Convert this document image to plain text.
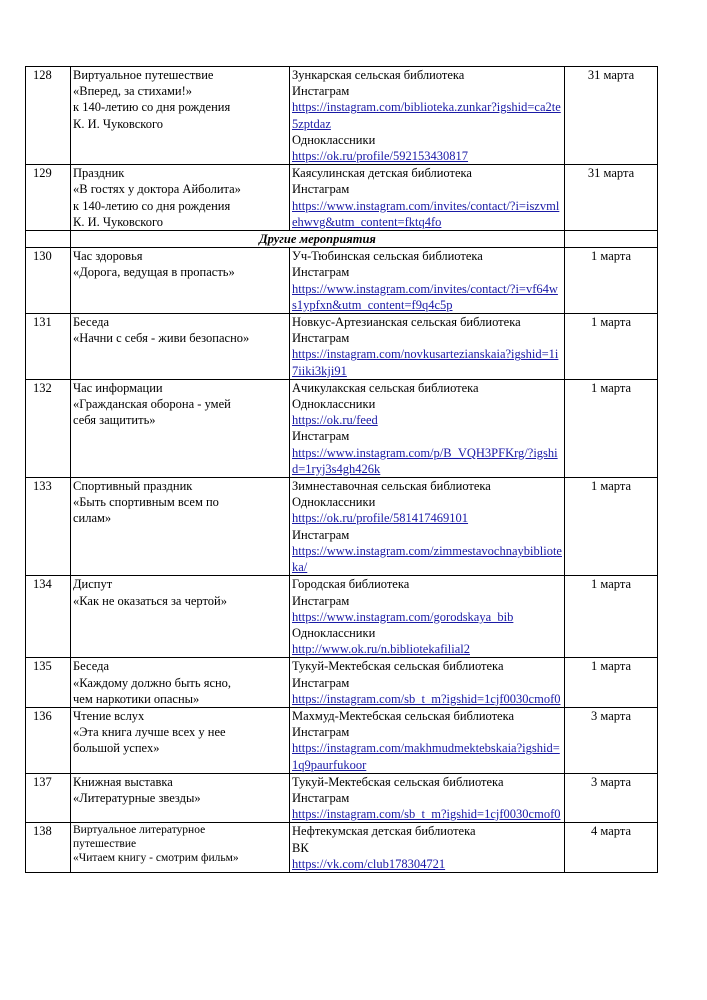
128	Виртуальное путешествие
«Вперед, за стихами!»
к 140-летию со дня рождения
К. И. Чуковского	Зункарская сельская библиотека
Инстаграм
https://instagram.com/biblioteka.zunkar?igshid=ca2te5zptdaz
Одноклассники
https://ok.ru/profile/592153430817	31 марта
129	Праздник
«В гостях у доктора Айболита»
к 140-летию со дня рождения
К. И. Чуковского	Каясулинская детская библиотека
Инстаграм
https://www.instagram.com/invites/contact/?i=iszvmlehwvg&utm_content=fktq4fo	31 марта
	Другие мероприятия		
130	Час здоровья
«Дорога, ведущая в пропасть»	Уч-Тюбинская сельская библиотека
Инстаграм
https://www.instagram.com/invites/contact/?i=vf64ws1ypfxn&utm_content=f9q4c5p	1 марта
131	Беседа
«Начни с себя - живи безопасно»	Новкус-Артезианская сельская библиотека
Инстаграм
https://instagram.com/novkusartezianskaia?igshid=1i7iiki3kji91	1 марта
132	Час информации
«Гражданская оборона - умей
себя защитить»	Ачикулакская сельская библиотека
Одноклассники
https://ok.ru/feed
Инстаграм
https://www.instagram.com/p/B_VQH3PFKrg/?igshid=1ryj3s4gh426k	1 марта
133	Спортивный праздник
«Быть спортивным всем по
силам»	Зимнеставочная сельская библиотека
Одноклассники
https://ok.ru/profile/581417469101
Инстаграм
https://www.instagram.com/zimmestavochnaybiblioteka/	1 марта
134	Диспут
«Как не оказаться за чертой»	Городская библиотека
Инстаграм
https://www.instagram.com/gorodskaya_bib
Одноклассники
http://www.ok.ru/n.bibliotekafilial2	1 марта
135	Беседа
«Каждому должно быть ясно,
чем наркотики опасны»	Тукуй-Мектебская сельская библиотека
Инстаграм
https://instagram.com/sb_t_m?igshid=1cjf0030cmof0	1 марта
136	Чтение вслух
«Эта книга лучше всех у нее
большой успех»	Махмуд-Мектебская сельская библиотека
Инстаграм
https://instagram.com/makhmudmektebskaia?igshid=1q9paurfukoor	3 марта
137	Книжная выставка
«Литературные звезды»	Тукуй-Мектебская сельская библиотека
Инстаграм
https://instagram.com/sb_t_m?igshid=1cjf0030cmof0	3 марта
138	Виртуальное литературное
путешествие
«Читаем книгу - смотрим фильм»	Нефтекумская детская библиотека
ВК
https://vk.com/club178304721	4 марта
